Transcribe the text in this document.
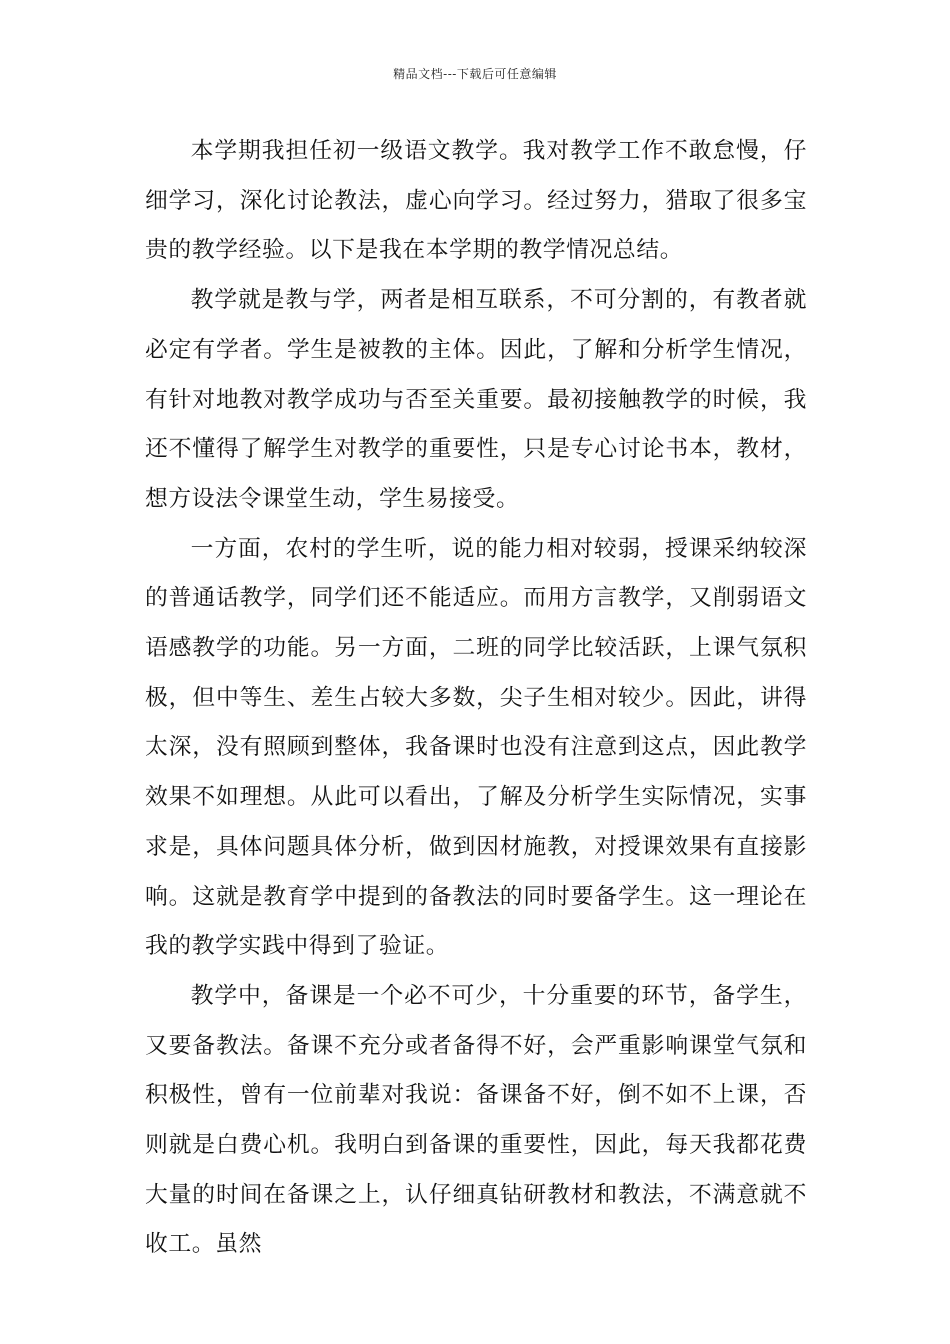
精品文档---下载后可任意编辑

本学期我担任初一级语文教学。我对教学工作不敢怠慢，仔细学习，深化讨论教法，虚心向学习。经过努力，猎取了很多宝贵的教学经验。以下是我在本学期的教学情况总结。

教学就是教与学，两者是相互联系，不可分割的，有教者就必定有学者。学生是被教的主体。因此，了解和分析学生情况，有针对地教对教学成功与否至关重要。最初接触教学的时候，我还不懂得了解学生对教学的重要性，只是专心讨论书本，教材，想方设法令课堂生动，学生易接受。

一方面，农村的学生听，说的能力相对较弱，授课采纳较深的普通话教学，同学们还不能适应。而用方言教学，又削弱语文语感教学的功能。另一方面，二班的同学比较活跃，上课气氛积极，但中等生、差生占较大多数，尖子生相对较少。因此，讲得太深，没有照顾到整体，我备课时也没有注意到这点，因此教学效果不如理想。从此可以看出，了解及分析学生实际情况，实事求是，具体问题具体分析，做到因材施教，对授课效果有直接影响。这就是教育学中提到的备教法的同时要备学生。这一理论在我的教学实践中得到了验证。

教学中，备课是一个必不可少，十分重要的环节，备学生，又要备教法。备课不充分或者备得不好，会严重影响课堂气氛和积极性，曾有一位前辈对我说：备课备不好，倒不如不上课，否则就是白费心机。我明白到备课的重要性，因此，每天我都花费大量的时间在备课之上，认仔细真钻研教材和教法，不满意就不收工。虽然
